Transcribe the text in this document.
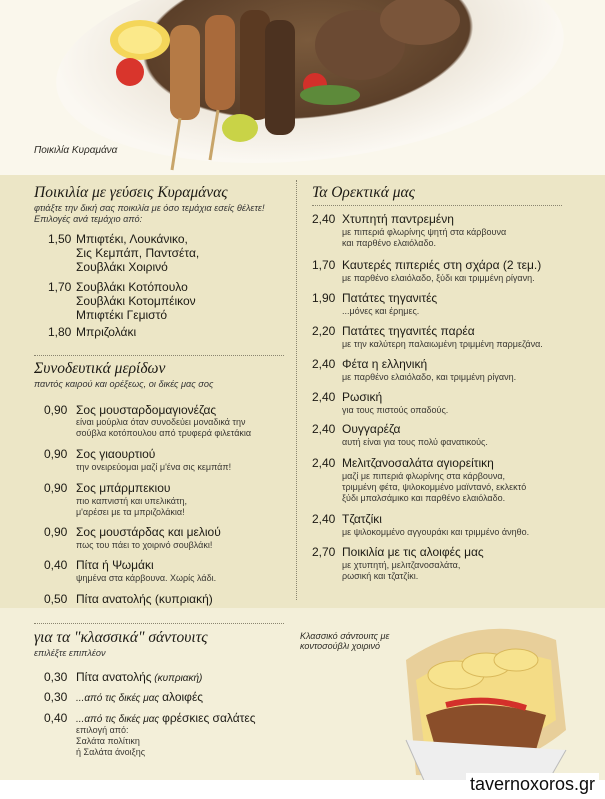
Ποικιλία Κυραμάνα
Ποικιλία με γεύσεις Κυραμάνας
φτιάξτε την δική σας ποικιλία με όσο τεμάχια εσείς θέλετε!
Επιλογές ανά τεμάχιο από:
1,50 Μπιφτέκι, Λουκάνικο,
Σις Κεμπάπ, Παντσέτα,
Σουβλάκι Χοιρινό
1,70 Σουβλάκι Κοτόπουλο
Σουβλάκι Κοτομπέικον
Μπιφτέκι Γεμιστό
1,80 Μπριζολάκι
Συνοδευτικά μερίδων
παντός καιρού και ορέξεως, οι δικές μας σος
0,90 Σος μουσταρδομαγιονέζας
είναι μούρλια όταν συνοδεύει μοναδικά την
σούβλα κοτόπουλου από τρυφερά φιλετάκια
0,90 Σος γιαουρτιού
την ονειρεύομαι μαζί μ'ένα σις κεμπάπ!
0,90 Σος μπάρμπεκιου
πιο καπνιστή και υπελικάτη,
μ'αρέσει με τα μπριζολάκια!
0,90 Σος μουστάρδας και μελιού
πως του πάει το χοιρινό σουβλάκι!
0,40 Πίτα ή Ψωμάκι
ψημένα στα κάρβουνα. Χωρίς λάδι.
0,50 Πίτα ανατολής (κυπριακή)
Τα Ορεκτικά μας
2,40 Χτυπητή παντρεμένη
με πιπεριά φλωρίνης ψητή στα κάρβουνα
και παρθένο ελαιόλαδο.
1,70 Καυτερές πιπεριές στη σχάρα (2 τεμ.)
με παρθένο ελαιόλαδο, ξύδι και τριμμένη ρίγανη.
1,90 Πατάτες τηγανιτές
...μόνες και έρημες.
2,20 Πατάτες τηγανιτές παρέα
με την καλύτερη παλαιωμένη τριμμένη παρμεζάνα.
2,40 Φέτα η ελληνική
με παρθένο ελαιόλαδο, και τριμμένη ρίγανη.
2,40 Ρωσική
για τους πιστούς οπαδούς.
2,40 Ουγγαρέζα
αυτή είναι για τους πολύ φανατικούς.
2,40 Μελιτζανοσαλάτα αγιορείτικη
μαζί με πιπεριά φλωρίνης στα κάρβουνα,
τριμμένη φέτα, ψιλοκομμένο μαϊντανό, εκλεκτό
ξύδι μπαλσάμικο και παρθένο ελαιόλαδο.
2,40 Τζατζίκι
με ψιλοκομμένο αγγουράκι και τριμμένο άνηθο.
2,70 Ποικιλία με τις αλοιφές μας
με χτυπητή, μελιτζανοσαλάτα,
ρωσική και τζατζίκι.
για τα "κλασσικά" σάντουιτς
επιλέξτε επιπλέον
0,30 Πίτα ανατολής (κυπριακή)
0,30 ...από τις δικές μας αλοιφές
0,40 ...από τις δικές μας φρέσκιες σαλάτες
επιλογή από:
Σαλάτα πολίτικη
ή Σαλάτα άνοιξης
Κλασσικό σάντουιτς με
κοντοσούβλι χοιρινό
tavernoxoros.gr
